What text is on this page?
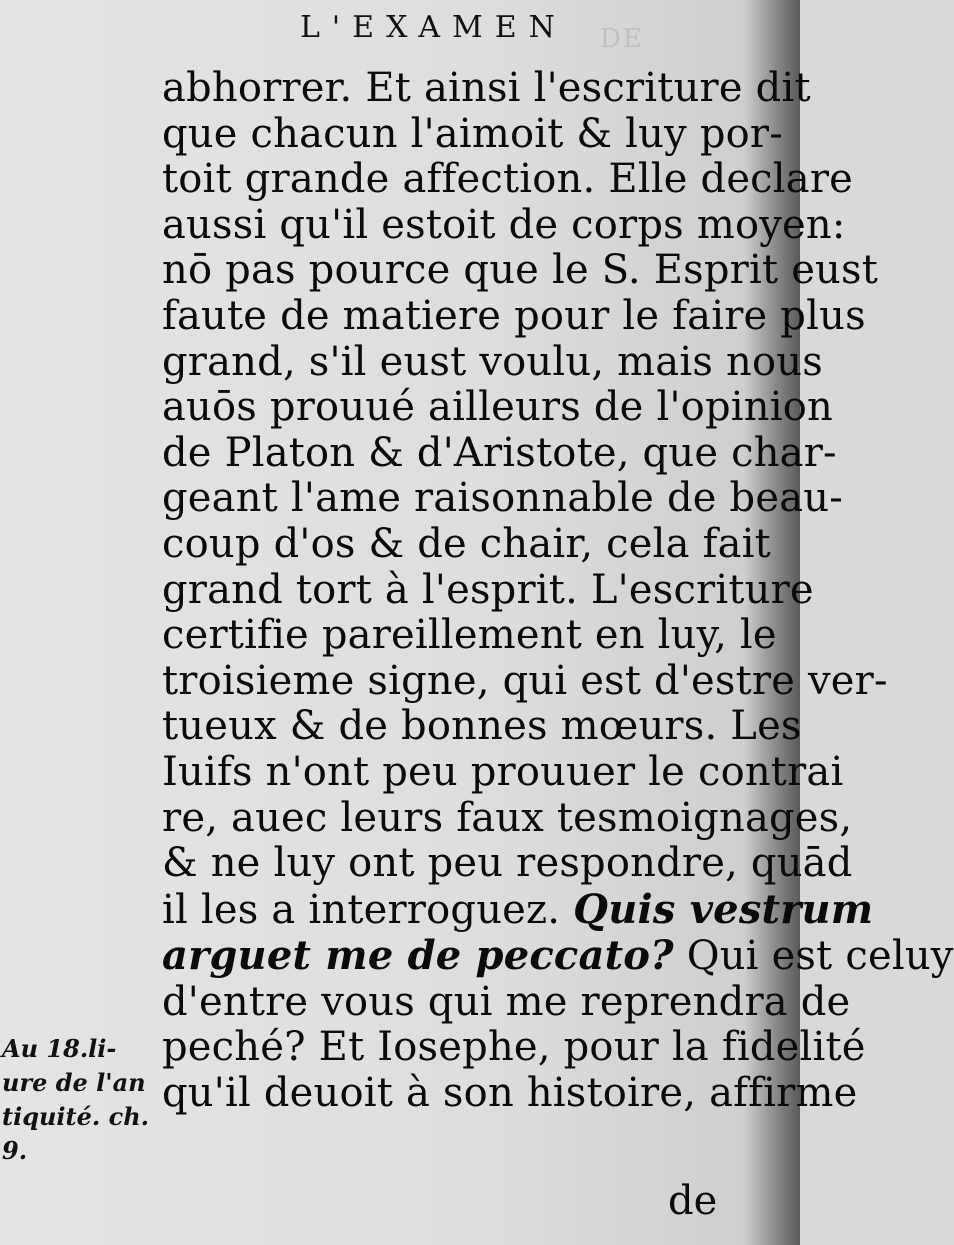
DE
L'EXAMEN
abhorrer. Et ainsi l'escriture dit
que chacun l'aimoit & luy por-
toit grande affection. Elle declare
aussi qu'il estoit de corps moyen:
nō pas pource que le S. Esprit eust
faute de matiere pour le faire plus
grand, s'il eust voulu, mais nous
auōs prouué ailleurs de l'opinion
de Platon & d'Aristote, que char-
geant l'ame raisonnable de beau-
coup d'os & de chair, cela fait
grand tort à l'esprit. L'escriture
certifie pareillement en luy, le
troisieme signe, qui est d'estre ver-
tueux & de bonnes mœurs. Les
Iuifs n'ont peu prouuer le contrai
re, auec leurs faux tesmoignages,
& ne luy ont peu respondre, quād
il les a interroguez. Quis vestrum
arguet me de peccato? Qui est celuy
d'entre vous qui me reprendra de
peché? Et Iosephe, pour la fidelité
qu'il deuoit à son histoire, affirme
de
Au 18.li-
ure de l'an
tiquité. ch.
9.
